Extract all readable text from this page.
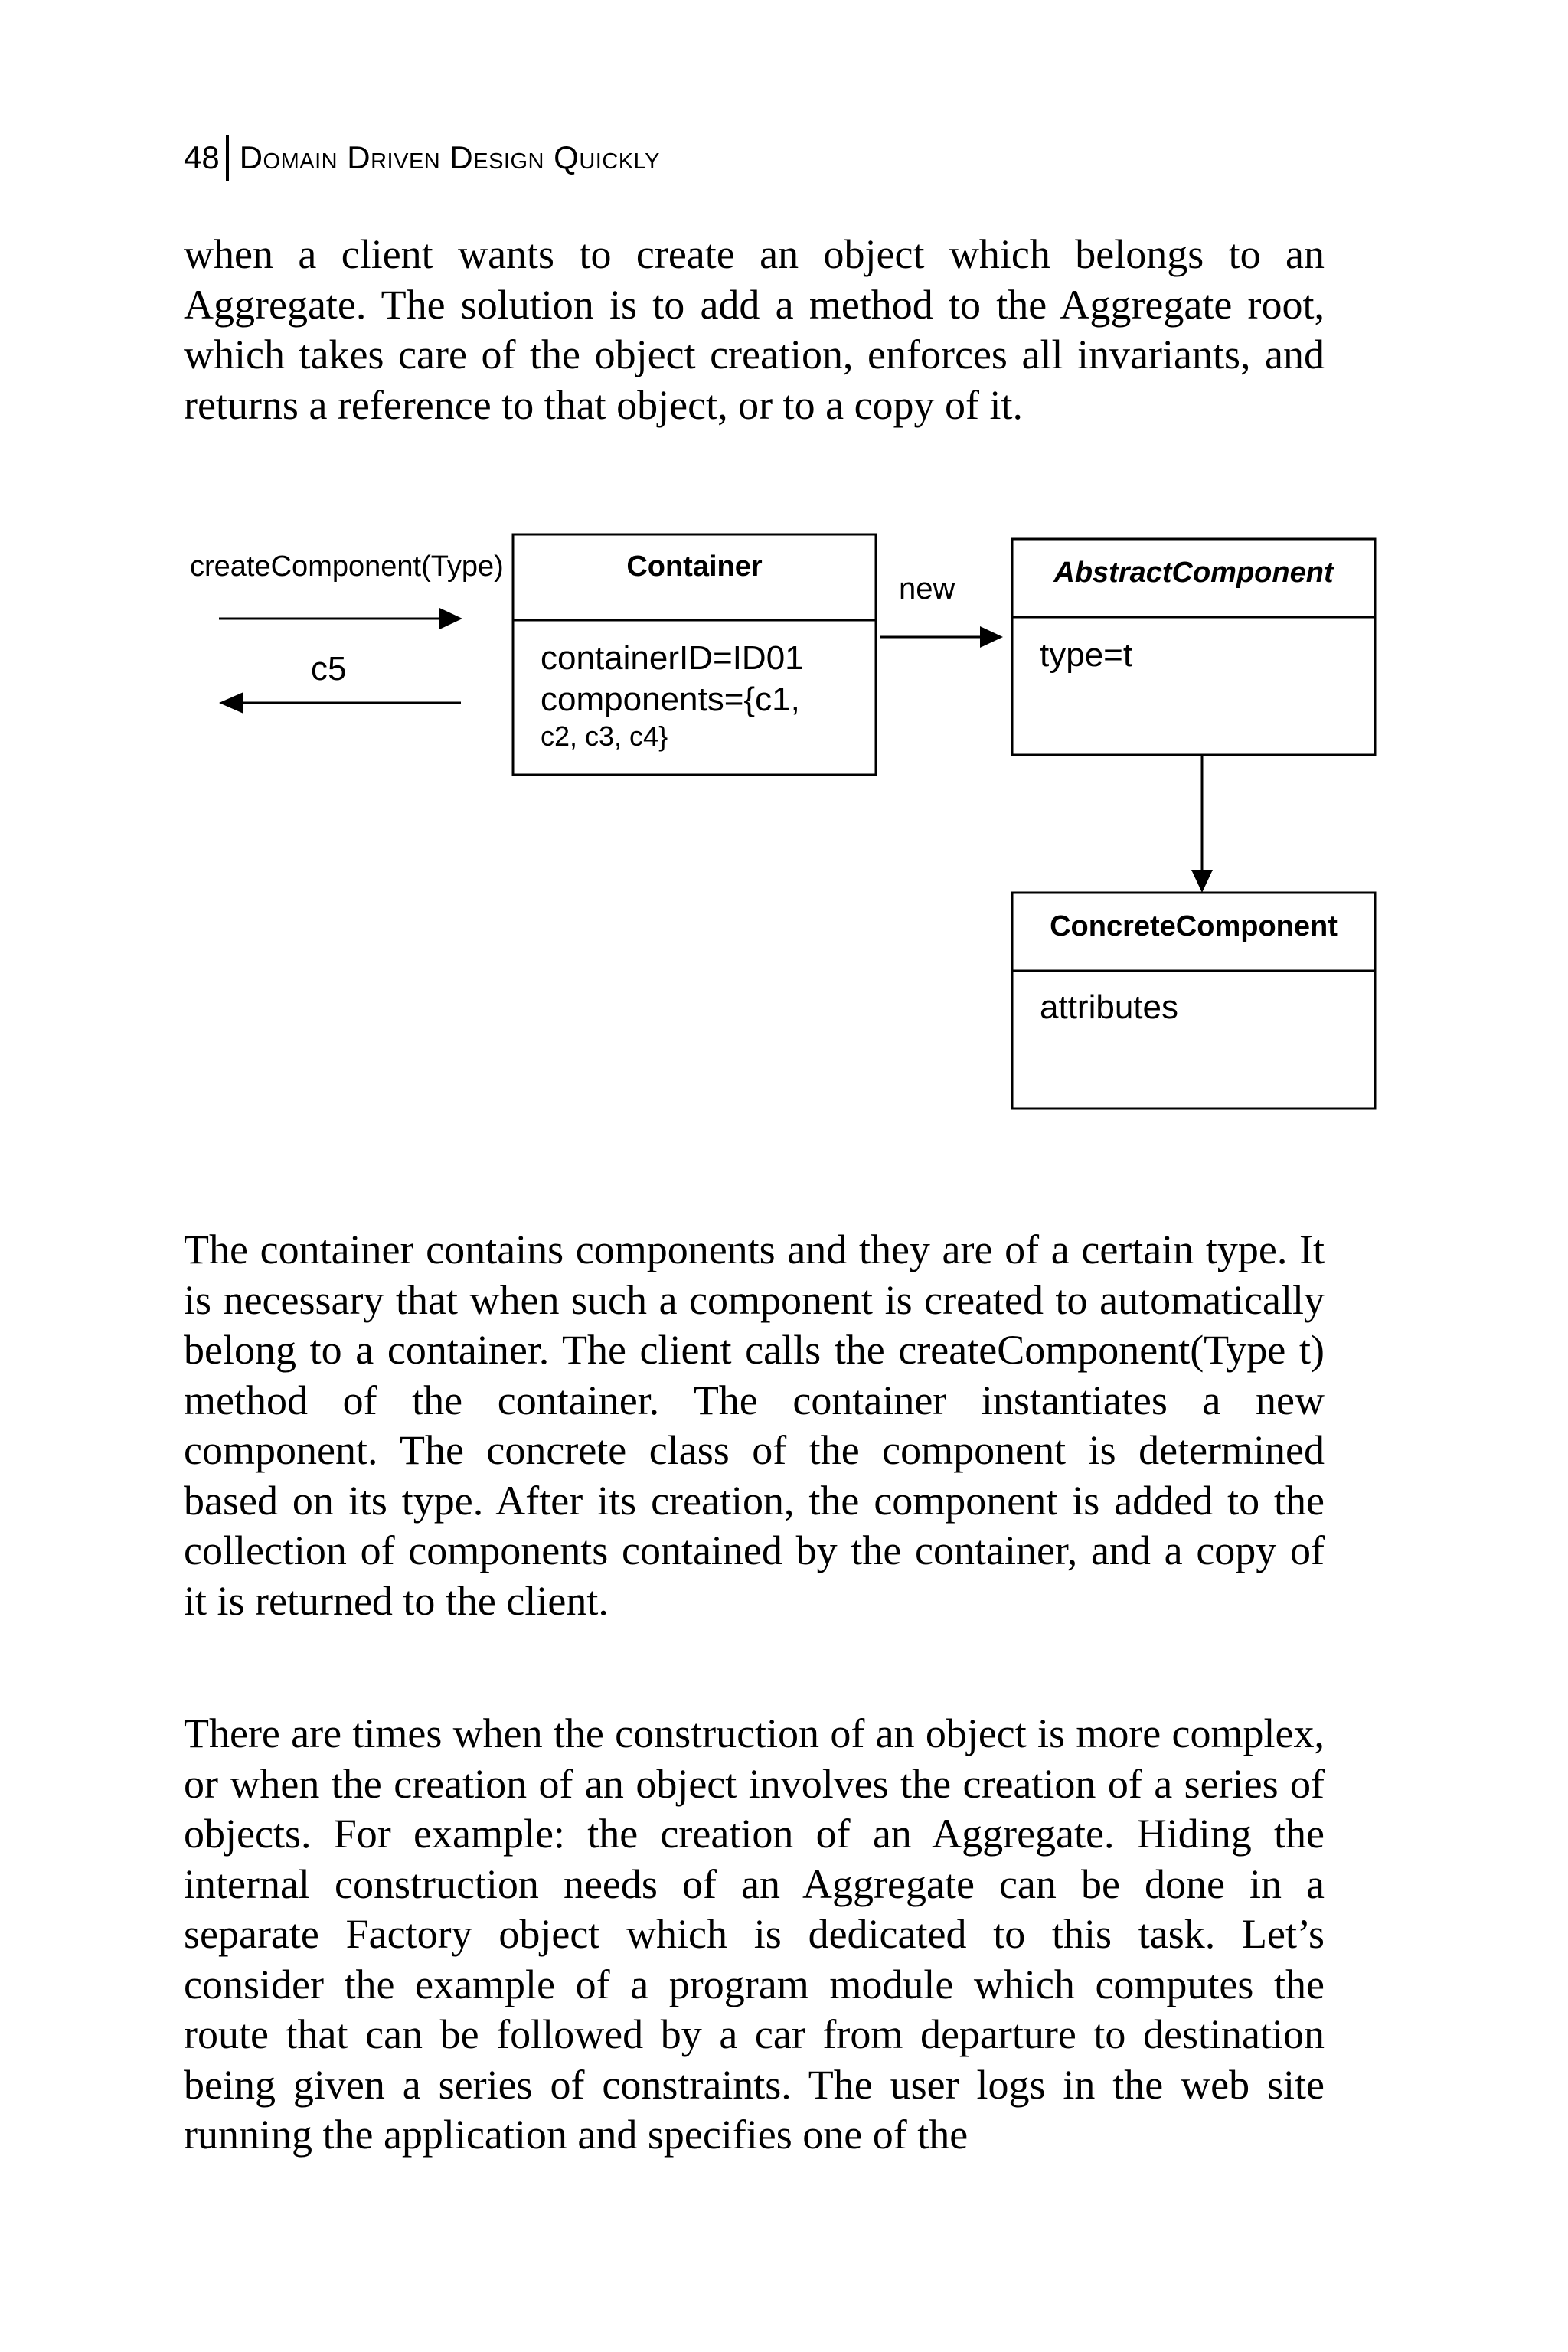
48 Domain Driven Design Quickly
when a client wants to create an object which belongs to an Aggregate. The solution is to add a method to the Aggregate root, which takes care of the object creation, enforces all invariants, and returns a reference to that object, or to a copy of it.
createComponent(Type)
c5
Container
containerID=ID01
components={c1,
c2, c3, c4}
new	AbstractComponent
type=t
ConcreteComponent
attributes
The container contains components and they are of a certain type. It is necessary that when such a component is created to automatically belong to a container. The client calls the createComponent(Type t) method of the container. The container instantiates a new component. The concrete class of the component is determined based on its type. After its creation, the component is added to the collection of components contained by the container, and a copy of it is returned to the client.
There are times when the construction of an object is more complex, or when the creation of an object involves the creation of a series of objects. For example: the creation of an Aggregate. Hiding the internal construction needs of an Aggregate can be done in a separate Factory object which is dedicated to this task. Let’s consider the example of a program module which computes the route that can be followed by a car from departure to destination being given a series of constraints. The user logs in the web site running the application and specifies one of the
